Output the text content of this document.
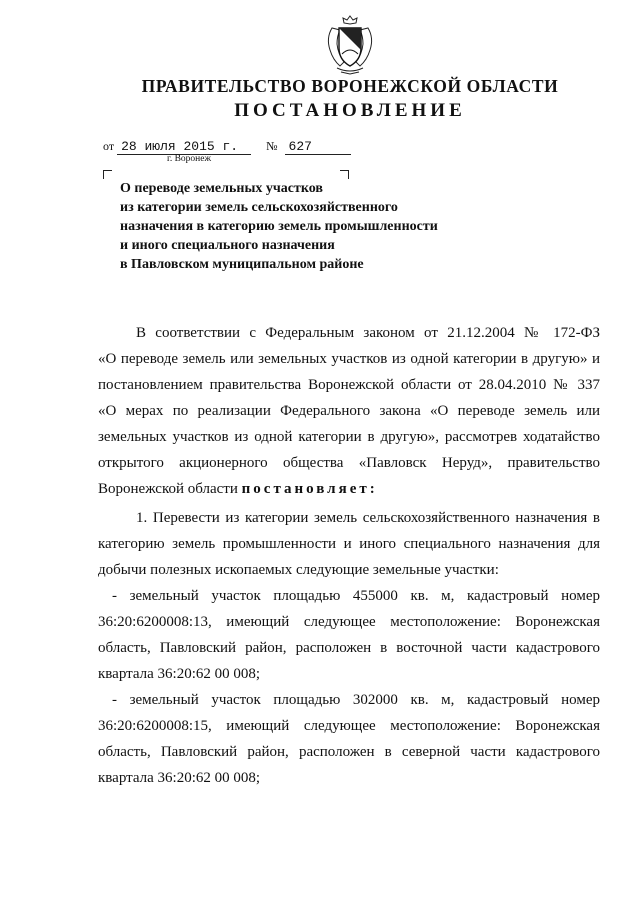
ПРАВИТЕЛЬСТВО ВОРОНЕЖСКОЙ ОБЛАСТИ
ПОСТАНОВЛЕНИЕ
от 28 июля 2015 г. № 627
г. Воронеж
О переводе земельных участков
из категории земель сельскохозяйственного
назначения в категорию земель промышленности
и иного специального назначения
в Павловском муниципальном районе
В соответствии с Федеральным законом от 21.12.2004 № 172-ФЗ
«О переводе земель или земельных участков из одной категории в другую» и
постановлением правительства Воронежской области от 28.04.2010 № 337
«О мерах по реализации Федерального закона «О переводе земель или
земельных участков из одной категории в другую», рассмотрев ходатайство
открытого акционерного общества «Павловск Неруд», правительство
Воронежской области постановляет:
1. Перевести из категории земель сельскохозяйственного назначения в
категорию земель промышленности и иного специального назначения для
добычи полезных ископаемых следующие земельные участки:
- земельный участок площадью 455000 кв. м, кадастровый номер
36:20:6200008:13, имеющий следующее местоположение: Воронежская
область, Павловский район, расположен в восточной части кадастрового
квартала 36:20:62 00 008;
- земельный участок площадью 302000 кв. м, кадастровый номер
36:20:6200008:15, имеющий следующее местоположение: Воронежская
область, Павловский район, расположен в северной части кадастрового
квартала 36:20:62 00 008;
